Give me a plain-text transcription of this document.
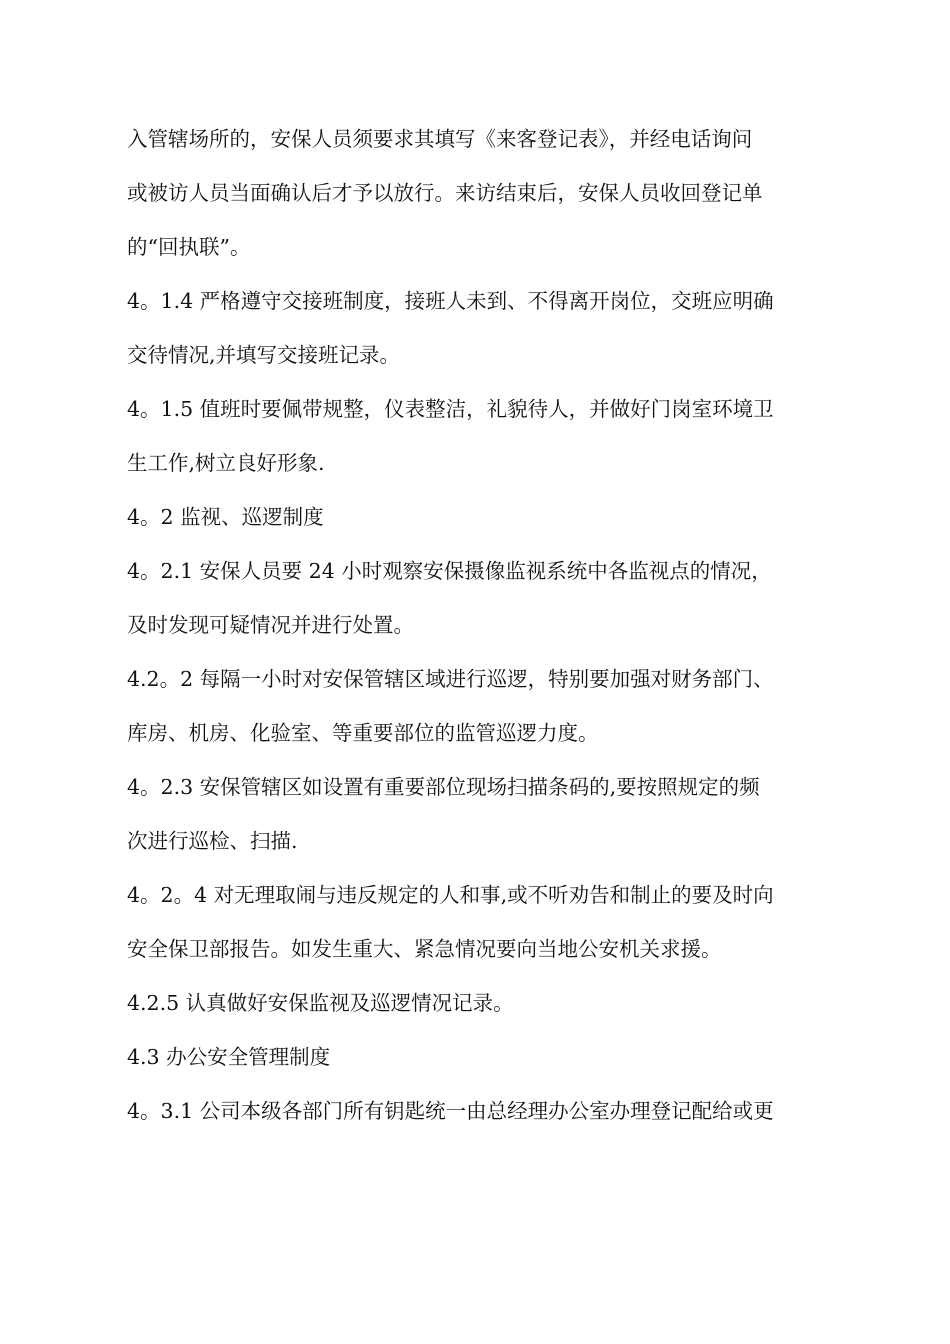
入管辖场所的，安保人员须要求其填写《来客登记表》，并经电话询问
或被访人员当面确认后才予以放行。来访结束后，安保人员收回登记单
的“回执联”。
4。1.4 严格遵守交接班制度，接班人未到、不得离开岗位，交班应明确
交待情况,并填写交接班记录。
4。1.5 值班时要佩带规整，仪表整洁，礼貌待人，并做好门岗室环境卫
生工作,树立良好形象.
4。2 监视、巡逻制度
4。2.1 安保人员要 24 小时观察安保摄像监视系统中各监视点的情况，
及时发现可疑情况并进行处置。
4.2。2 每隔一小时对安保管辖区域进行巡逻，特别要加强对财务部门、
库房、机房、化验室、等重要部位的监管巡逻力度。
4。2.3 安保管辖区如设置有重要部位现场扫描条码的,要按照规定的频
次进行巡检、扫描.
4。2。4 对无理取闹与违反规定的人和事,或不听劝告和制止的要及时向
安全保卫部报告。如发生重大、紧急情况要向当地公安机关求援。
4.2.5 认真做好安保监视及巡逻情况记录。
4.3 办公安全管理制度
4。3.1 公司本级各部门所有钥匙统一由总经理办公室办理登记配给或更
